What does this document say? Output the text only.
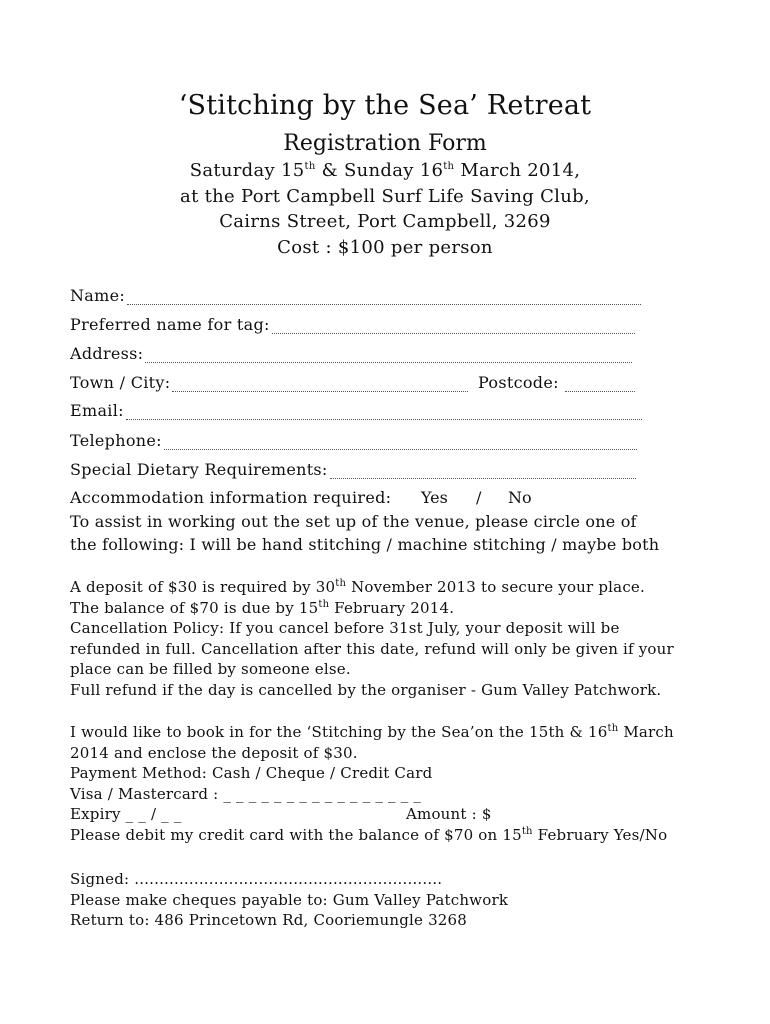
‘Stitching by the Sea’ Retreat
Registration Form
Saturday 15th & Sunday 16th March 2014,
at the Port Campbell Surf Life Saving Club,
Cairns Street, Port Campbell, 3269
Cost : $100 per person
Name:
Preferred name for tag:
Address:
Town / City:	Postcode:
Email:
Telephone:
Special Dietary Requirements:
Accommodation information required: Yes / No
To assist in working out the set up of the venue, please circle one of
the following: I will be hand stitching / machine stitching / maybe both
A deposit of $30 is required by 30th November 2013 to secure your place.
The balance of $70 is due by 15th February 2014.
Cancellation Policy: If you cancel before 31st July, your deposit will be
refunded in full. Cancellation after this date, refund will only be given if your
place can be filled by someone else.
Full refund if the day is cancelled by the organiser - Gum Valley Patchwork.
I would like to book in for the ‘Stitching by the Sea’on the 15th & 16th March
2014 and enclose the deposit of $30.
Payment Method: Cash / Cheque / Credit Card
Visa / Mastercard : _ _ _ _ _ _ _ _ _ _ _ _ _ _ _ _
Expiry _ _ / _ _	Amount : $
Please debit my credit card with the balance of $70 on 15th February Yes/No
Signed: ..............................................................
Please make cheques payable to: Gum Valley Patchwork
Return to: 486 Princetown Rd, Cooriemungle 3268
